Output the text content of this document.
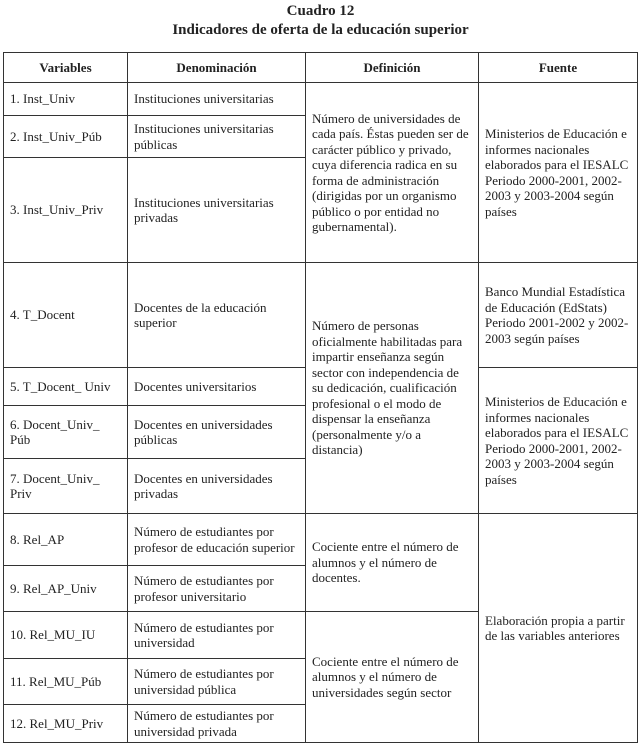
Cuadro 12
Indicadores de oferta de la educación superior
Variables	Denominación	Definición	Fuente
1. Inst_Univ	Instituciones universitarias	Número de universidades de cada país. Éstas pueden ser de carácter público y privado, cuya diferencia radica en su forma de administración (dirigidas por un organismo público o por entidad no gubernamental).	Ministerios de Educación e informes nacionales elaborados para el IESALC Periodo 2000-2001, 2002-2003 y 2003-2004 según países
2. Inst_Univ_Púb	Instituciones universitarias públicas		
3. Inst_Univ_Priv	Instituciones universitarias privadas		
4. T_Docent	Docentes de la educación superior	Número de personas oficialmente habilitadas para impartir enseñanza según sector con independencia de su dedicación, cualificación profesional o el modo de dispensar la enseñanza (personalmente y/o a distancia)	Banco Mundial Estadística de Educación (EdStats) Periodo 2001-2002 y 2002-2003 según países
5. T_Docent_ Univ	Docentes universitarios		Ministerios de Educación e informes nacionales elaborados para el IESALC Periodo 2000-2001, 2002-2003 y 2003-2004 según países
6. Docent_Univ_ Púb	Docentes en universidades públicas		
7. Docent_Univ_ Priv	Docentes en universidades privadas		
8. Rel_AP	Número de estudiantes por profesor de educación superior	Cociente entre el número de alumnos y el número de docentes.	Elaboración propia a partir de las variables anteriores
9. Rel_AP_Univ	Número de estudiantes por profesor universitario		
10. Rel_MU_IU	Número de estudiantes por universidad	Cociente entre el número de alumnos y el número de universidades según sector	
11. Rel_MU_Púb	Número de estudiantes por universidad pública		
12. Rel_MU_Priv	Número de estudiantes por universidad privada		
